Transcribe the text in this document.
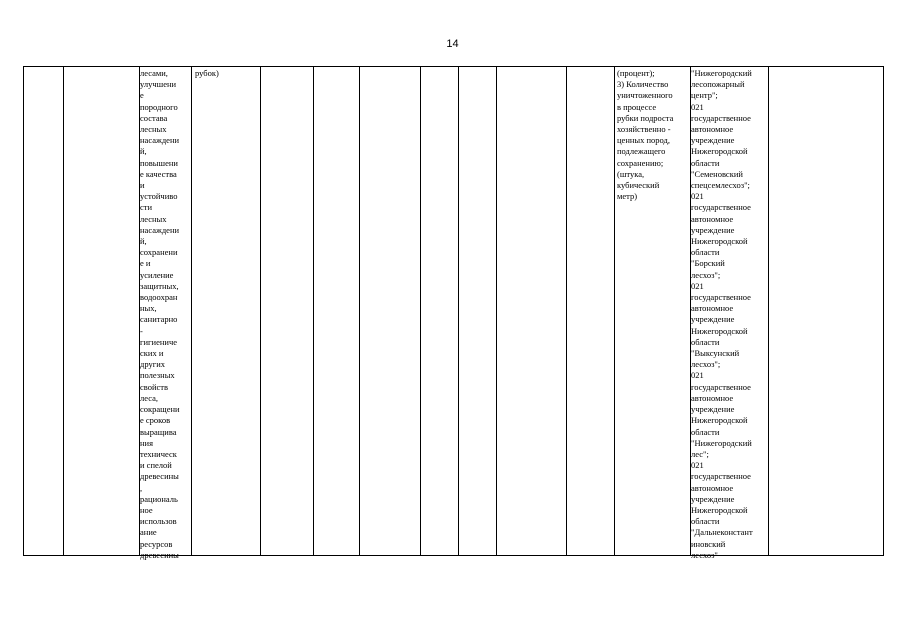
14
лесами,
улучшени
е
породного
состава
лесных
насаждени
й,
повышени
е качества
и
устойчиво
сти
лесных
насаждени
й,
сохранени
е и
усиление
защитных,
водоохран
ных,
санитарно
-
гигиениче
ских и
других
полезных
свойств
леса,
сокращени
е сроков
выращива
ния
техническ
и спелой
древесины
,
рациональ
ное
использов
ание
ресурсов
древесины
рубок)	(процент);
3) Количество
уничтоженного
в процессе
рубки подроста
хозяйственно -
ценных пород,
подлежащего
сохранению;
(штука,
кубический
метр)
"Нижегородский
лесопожарный
центр";
021
государственное
автономное
учреждение
Нижегородской
области
"Семеновский
спецсемлесхоз";
021
государственное
автономное
учреждение
Нижегородской
области
"Борский
лесхоз";
021
государственное
автономное
учреждение
Нижегородской
области
"Выксунский
лесхоз";
021
государственное
автономное
учреждение
Нижегородской
области
"Нижегородский
лес";
021
государственное
автономное
учреждение
Нижегородской
области
"Дальнеконстант
иновский
лесхоз"
